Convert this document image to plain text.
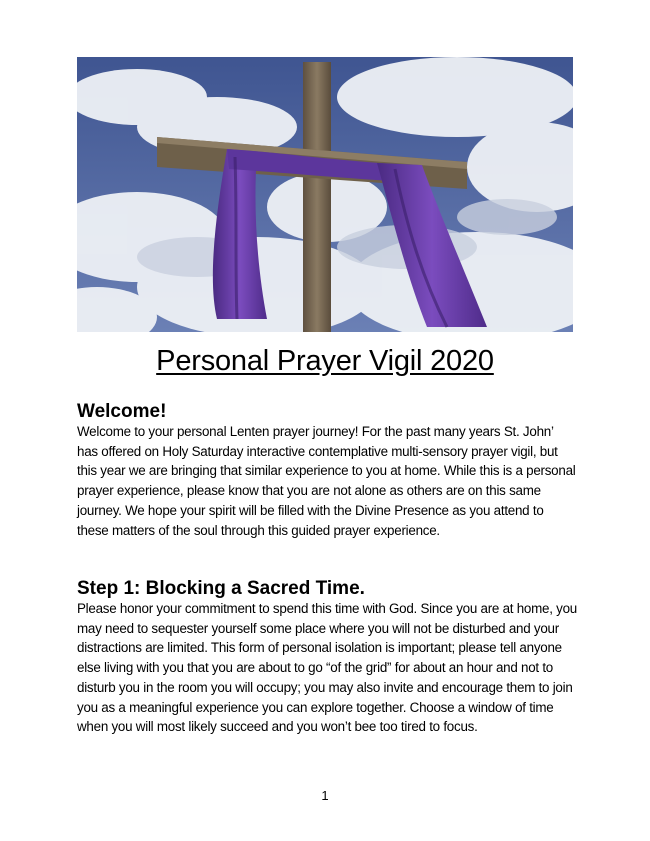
Personal Prayer Vigil 2020
Welcome!

Welcome to your personal Lenten prayer journey! For the past many years St. John’ has offered on Holy Saturday interactive contemplative multi-sensory prayer vigil, but this year we are bringing that similar experience to you at home. While this is a personal prayer experience, please know that you are not alone as others are on this same journey. We hope your spirit will be filled with the Divine Presence as you attend to these matters of the soul through this guided prayer experience.

Step 1: Blocking a Sacred Time.

Please honor your commitment to spend this time with God. Since you are at home, you may need to sequester yourself some place where you will not be disturbed and your distractions are limited. This form of personal isolation is important; please tell anyone else living with you that you are about to go “of the grid” for about an hour and not to disturb you in the room you will occupy; you may also invite and encourage them to join you as a meaningful experience you can explore together. Choose a window of time when you will most likely succeed and you won’t bee too tired to focus.

1
